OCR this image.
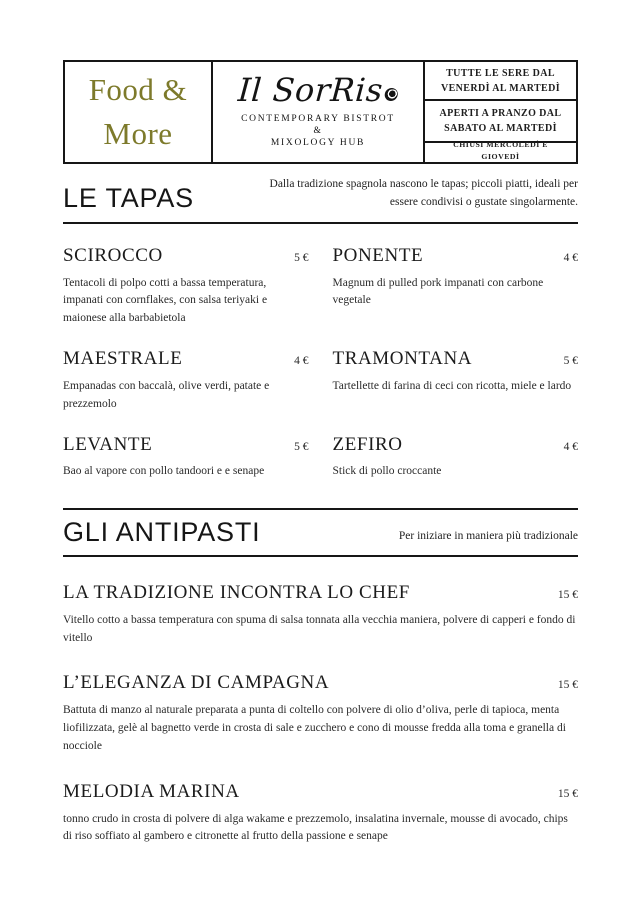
Food &
More
Il SorRis
CONTEMPORARY BISTROT
&
MIXOLOGY HUB
TUTTE LE SERE DAL VENERDÌ AL MARTEDÌ
APERTI A PRANZO DAL SABATO AL MARTEDÌ
CHIUSI MERCOLEDÌ E GIOVEDÌ
LE TAPAS	Dalla tradizione spagnola nascono le tapas; piccoli piatti, ideali per essere condivisi o gustate singolarmente.
SCIROCCO	5 €
Tentacoli di polpo cotti a bassa temperatura, impanati con cornflakes, con salsa teriyaki e maionese alla barbabietola
PONENTE	4 €
Magnum di pulled pork impanati con carbone vegetale
MAESTRALE	4 €
Empanadas con baccalà, olive verdi, patate e prezzemolo
TRAMONTANA	5 €
Tartellette di farina di ceci con ricotta, miele e lardo
LEVANTE	5 €
Bao al vapore con pollo tandoori e e senape
ZEFIRO	4 €
Stick di pollo croccante
GLI ANTIPASTI	Per iniziare in maniera più tradizionale
LA TRADIZIONE INCONTRA LO CHEF	15 €
Vitello cotto a bassa temperatura con spuma di salsa tonnata alla vecchia maniera, polvere di capperi e fondo di vitello
L’ELEGANZA DI CAMPAGNA	15 €
Battuta di manzo al naturale preparata a punta di coltello con polvere di olio d’oliva, perle di tapioca, menta liofilizzata, gelè al bagnetto verde in crosta di sale e zucchero e cono di mousse fredda alla toma e granella di nocciole
MELODIA MARINA	15 €
tonno crudo in crosta di polvere di alga wakame e prezzemolo, insalatina invernale, mousse di avocado, chips di riso soffiato al gambero e citronette al frutto della passione e senape
